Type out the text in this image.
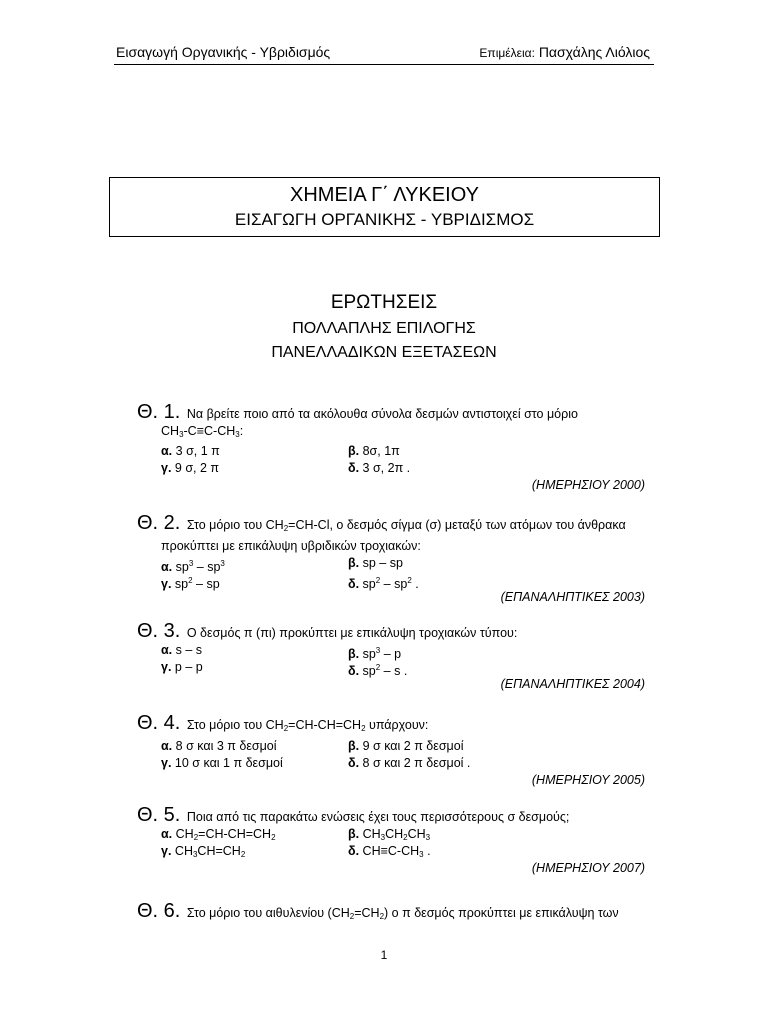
Εισαγωγή Οργανικής - Υβριδισμός	Επιμέλεια: Πασχάλης Λιόλιος
ΧΗΜΕΙΑ Γ΄ ΛΥΚΕΙΟΥ
ΕΙΣΑΓΩΓΗ ΟΡΓΑΝΙΚΗΣ - ΥΒΡΙΔΙΣΜΟΣ
ΕΡΩΤΗΣΕΙΣ
ΠΟΛΛΑΠΛΗΣ ΕΠΙΛΟΓΗΣ
ΠΑΝΕΛΛΑΔΙΚΩΝ ΕΞΕΤΑΣΕΩΝ
Θ. 1. Να βρείτε ποιο από τα ακόλουθα σύνολα δεσμών αντιστοιχεί στο μόριο
$CH_3-C\equiv C-CH_3$:
α. 3 σ, 1 π	β. 8σ, 1π
γ. 9 σ, 2 π	δ. 3 σ, 2π .
(ΗΜΕΡΗΣΙΟΥ 2000)
Θ. 2. Στο μόριο του $CH_2=CH-Cl$, ο δεσμός σίγμα (σ) μεταξύ των ατόμων του άνθρακα
προκύπτει με επικάλυψη υβριδικών τροχιακών:
α. $sp^3 - sp^3$	β. sp – sp
γ. $sp^2$ – sp	δ. $sp^2 - sp^2$ .
(ΕΠΑΝΑΛΗΠΤΙΚΕΣ 2003)
Θ. 3. Ο δεσμός π (πι) προκύπτει με επικάλυψη τροχιακών τύπου:
α. s – s	β. $sp^3$ – p
γ. p – p	δ. $sp^2$ – s .
(ΕΠΑΝΑΛΗΠΤΙΚΕΣ 2004)
Θ. 4. Στο μόριο του $CH_2=CH-CH=CH_2$ υπάρχουν:
α. 8 σ και 3 π δεσμοί	β. 9 σ και 2 π δεσμοί
γ. 10 σ και 1 π δεσμοί	δ. 8 σ και 2 π δεσμοί .
(ΗΜΕΡΗΣΙΟΥ 2005)
Θ. 5. Ποια από τις παρακάτω ενώσεις έχει τους περισσότερους σ δεσμούς;
α. $CH_2=CH-CH=CH_2$	β. $CH_3CH_2CH_3$
γ. $CH_3CH=CH_2$	δ. $CH\equiv C-CH_3$ .
(ΗΜΕΡΗΣΙΟΥ 2007)
Θ. 6. Στο μόριο του αιθυλενίου $(CH_2=CH_2)$ ο π δεσμός προκύπτει με επικάλυψη των
1
